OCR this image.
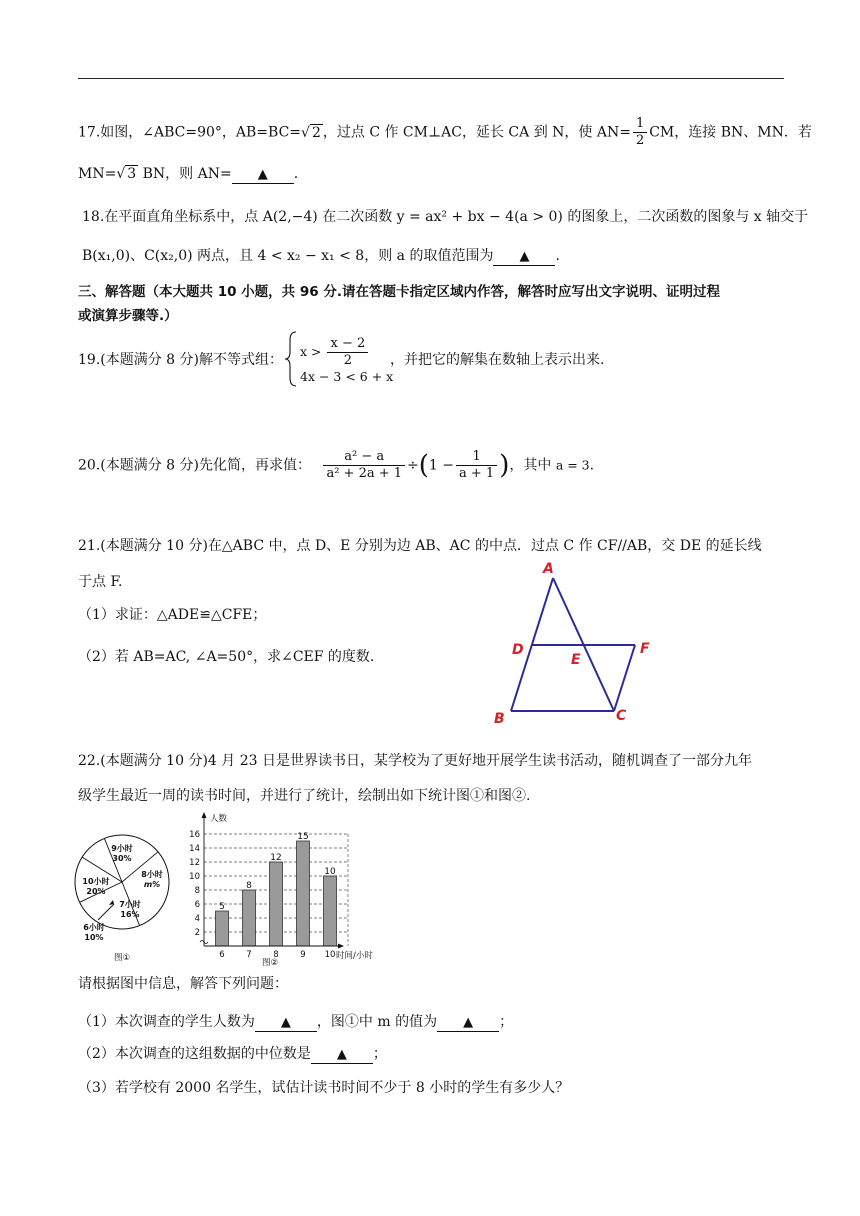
17.如图，∠ABC=90°，AB=BC=√ 2 ，过点 C 作 CM⊥AC，延长 CA 到 N，使 $AN= \frac{1}{2}$ CM，连接 BN、MN．若
MN=√ 3 BN，则 AN= ▲ .
18.在平面直角坐标系中，点 A(2,−4) 在二次函数 y = ax² + bx − 4(a > 0) 的图象上，二次函数的图象与 x 轴交于
B(x₁,0)、C(x₂,0) 两点，且 4 < x₂ − x₁ < 8，则 a 的取值范围为 ▲ .
三、解答题（本大题共 10 小题，共 96 分.请在答题卡指定区域内作答，解答时应写出文字说明、证明过程
或演算步骤等.）
19.(本题满分 8 分)解不等式组：
$x > \frac{x - 2}{2}$
4x − 3 < 6 + x
，并把它的解集在数轴上表示出来.
20.(本题满分 8 分)先化简，再求值： $\frac{\text{a² − a}}{\text{a² + 2a + 1}} \div(1 - \frac{1}{a + 1}$ )，其中 a = 3.
21.(本题满分 10 分)在△ABC 中，点 D、E 分别为边 AB、AC 的中点．过点 C 作 CF//AB，交 DE 的延长线
于点 F.
（1）求证：△ADE≌△CFE；
（2）若 AB=AC, ∠A=50°，求∠CEF 的度数.
A
B	C
D
E
F
22.(本题满分 10 分)4 月 23 日是世界读书日，某学校为了更好地开展学生读书活动，随机调查了一部分九年
级学生最近一周的读书时间，并进行了统计，绘制出如下统计图①和图②.
9小时
30%
8小时
m%
7小时
16%
10小时
20%
6小时
10%
图①
2
4
6
8
10
12
14
16
6	7	8	9 10
5
8
12
15
10
人数
时间/小时
图②
请根据图中信息，解答下列问题：
（1）本次调查的学生人数为 ▲ ，图①中 m 的值为 ▲ ；
（2）本次调查的这组数据的中位数是 ▲ ；
（3）若学校有 2000 名学生，试估计读书时间不少于 8 小时的学生有多少人？
